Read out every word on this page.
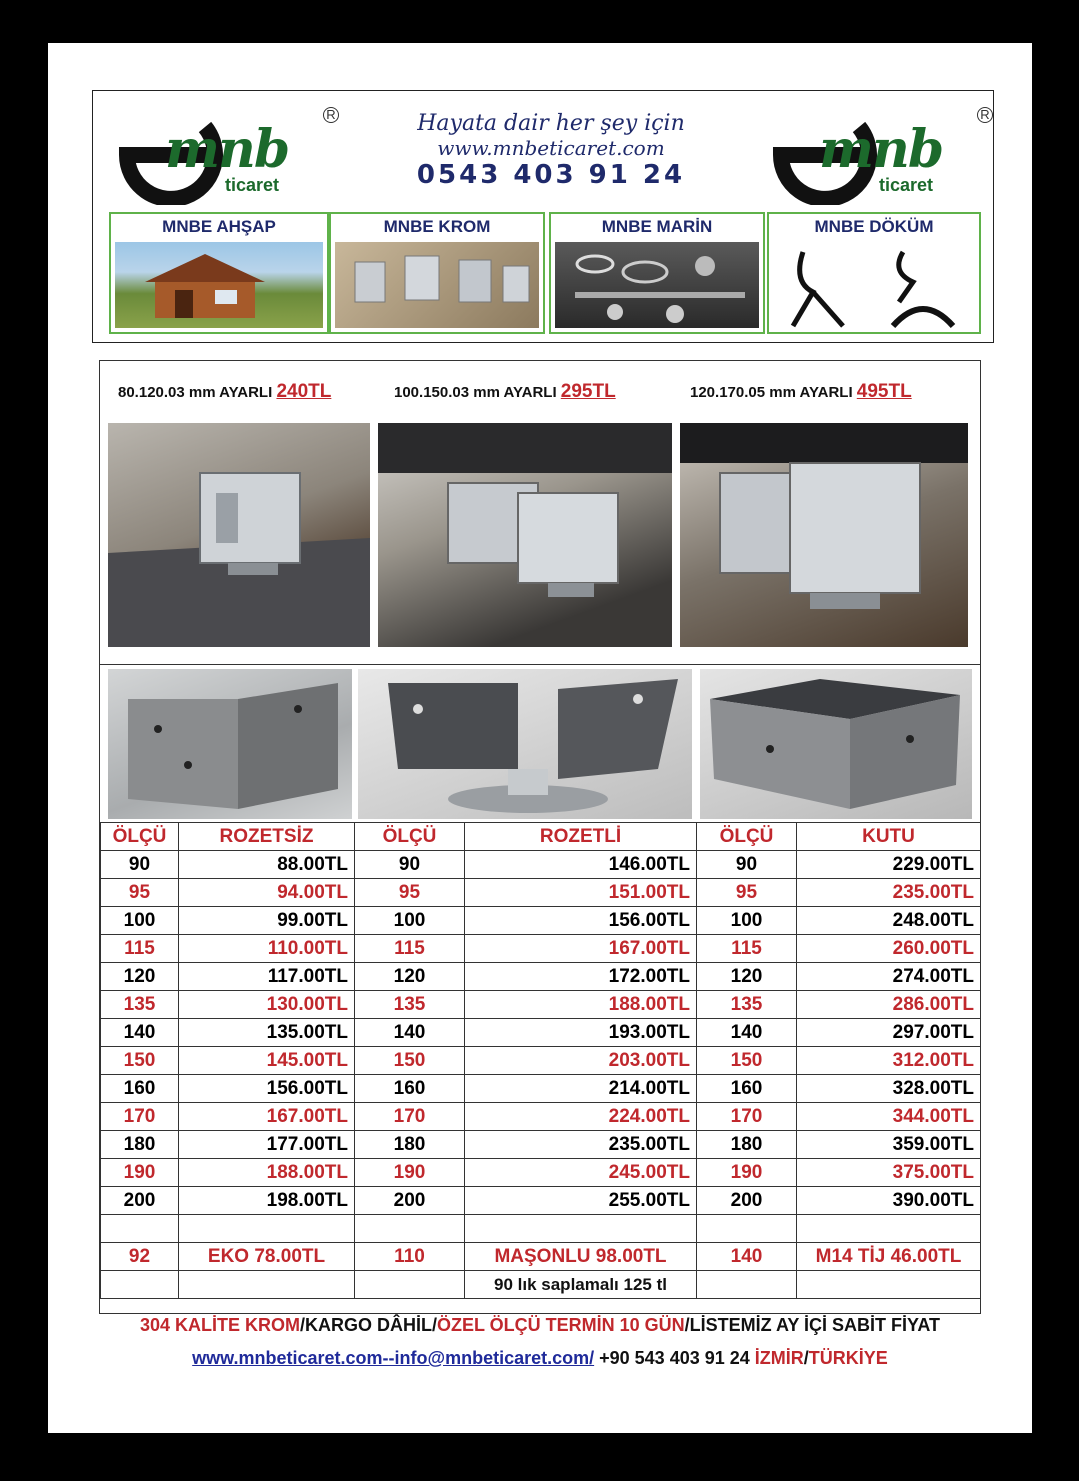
mnb
ticaret
R	Hayata dair her şey için
www.mnbeticaret.com
0543 403 91 24	mnb
ticaret
R
MNBE AHŞAP	MNBE KROM	MNBE MARİN	MNBE DÖKÜM
80.120.03 mm AYARLI 240TL	100.150.03 mm AYARLI 295TL	120.170.05 mm AYARLI 495TL
ÖLÇÜ	ROZETSİZ	ÖLÇÜ	ROZETLİ	ÖLÇÜ	KUTU
90	88.00TL	90	146.00TL	90	229.00TL
95	94.00TL	95	151.00TL	95	235.00TL
100	99.00TL	100	156.00TL	100	248.00TL
115	110.00TL	115	167.00TL	115	260.00TL
120	117.00TL	120	172.00TL	120	274.00TL
135	130.00TL	135	188.00TL	135	286.00TL
140	135.00TL	140	193.00TL	140	297.00TL
150	145.00TL	150	203.00TL	150	312.00TL
160	156.00TL	160	214.00TL	160	328.00TL
170	167.00TL	170	224.00TL	170	344.00TL
180	177.00TL	180	235.00TL	180	359.00TL
190	188.00TL	190	245.00TL	190	375.00TL
200	198.00TL	200	255.00TL	200	390.00TL

92	EKO 78.00TL	110	MAŞONLU 98.00TL	140	M14 TİJ 46.00TL
			90 lık saplamalı 125 tl		
304 KALİTE KROM/KARGO DÂHİL/ÖZEL ÖLÇÜ TERMİN 10 GÜN/LİSTEMİZ AY İÇİ SABİT FİYAT
www.mnbeticaret.com--info@mnbeticaret.com/ +90 543 403 91 24 İZMİR/TÜRKİYE
